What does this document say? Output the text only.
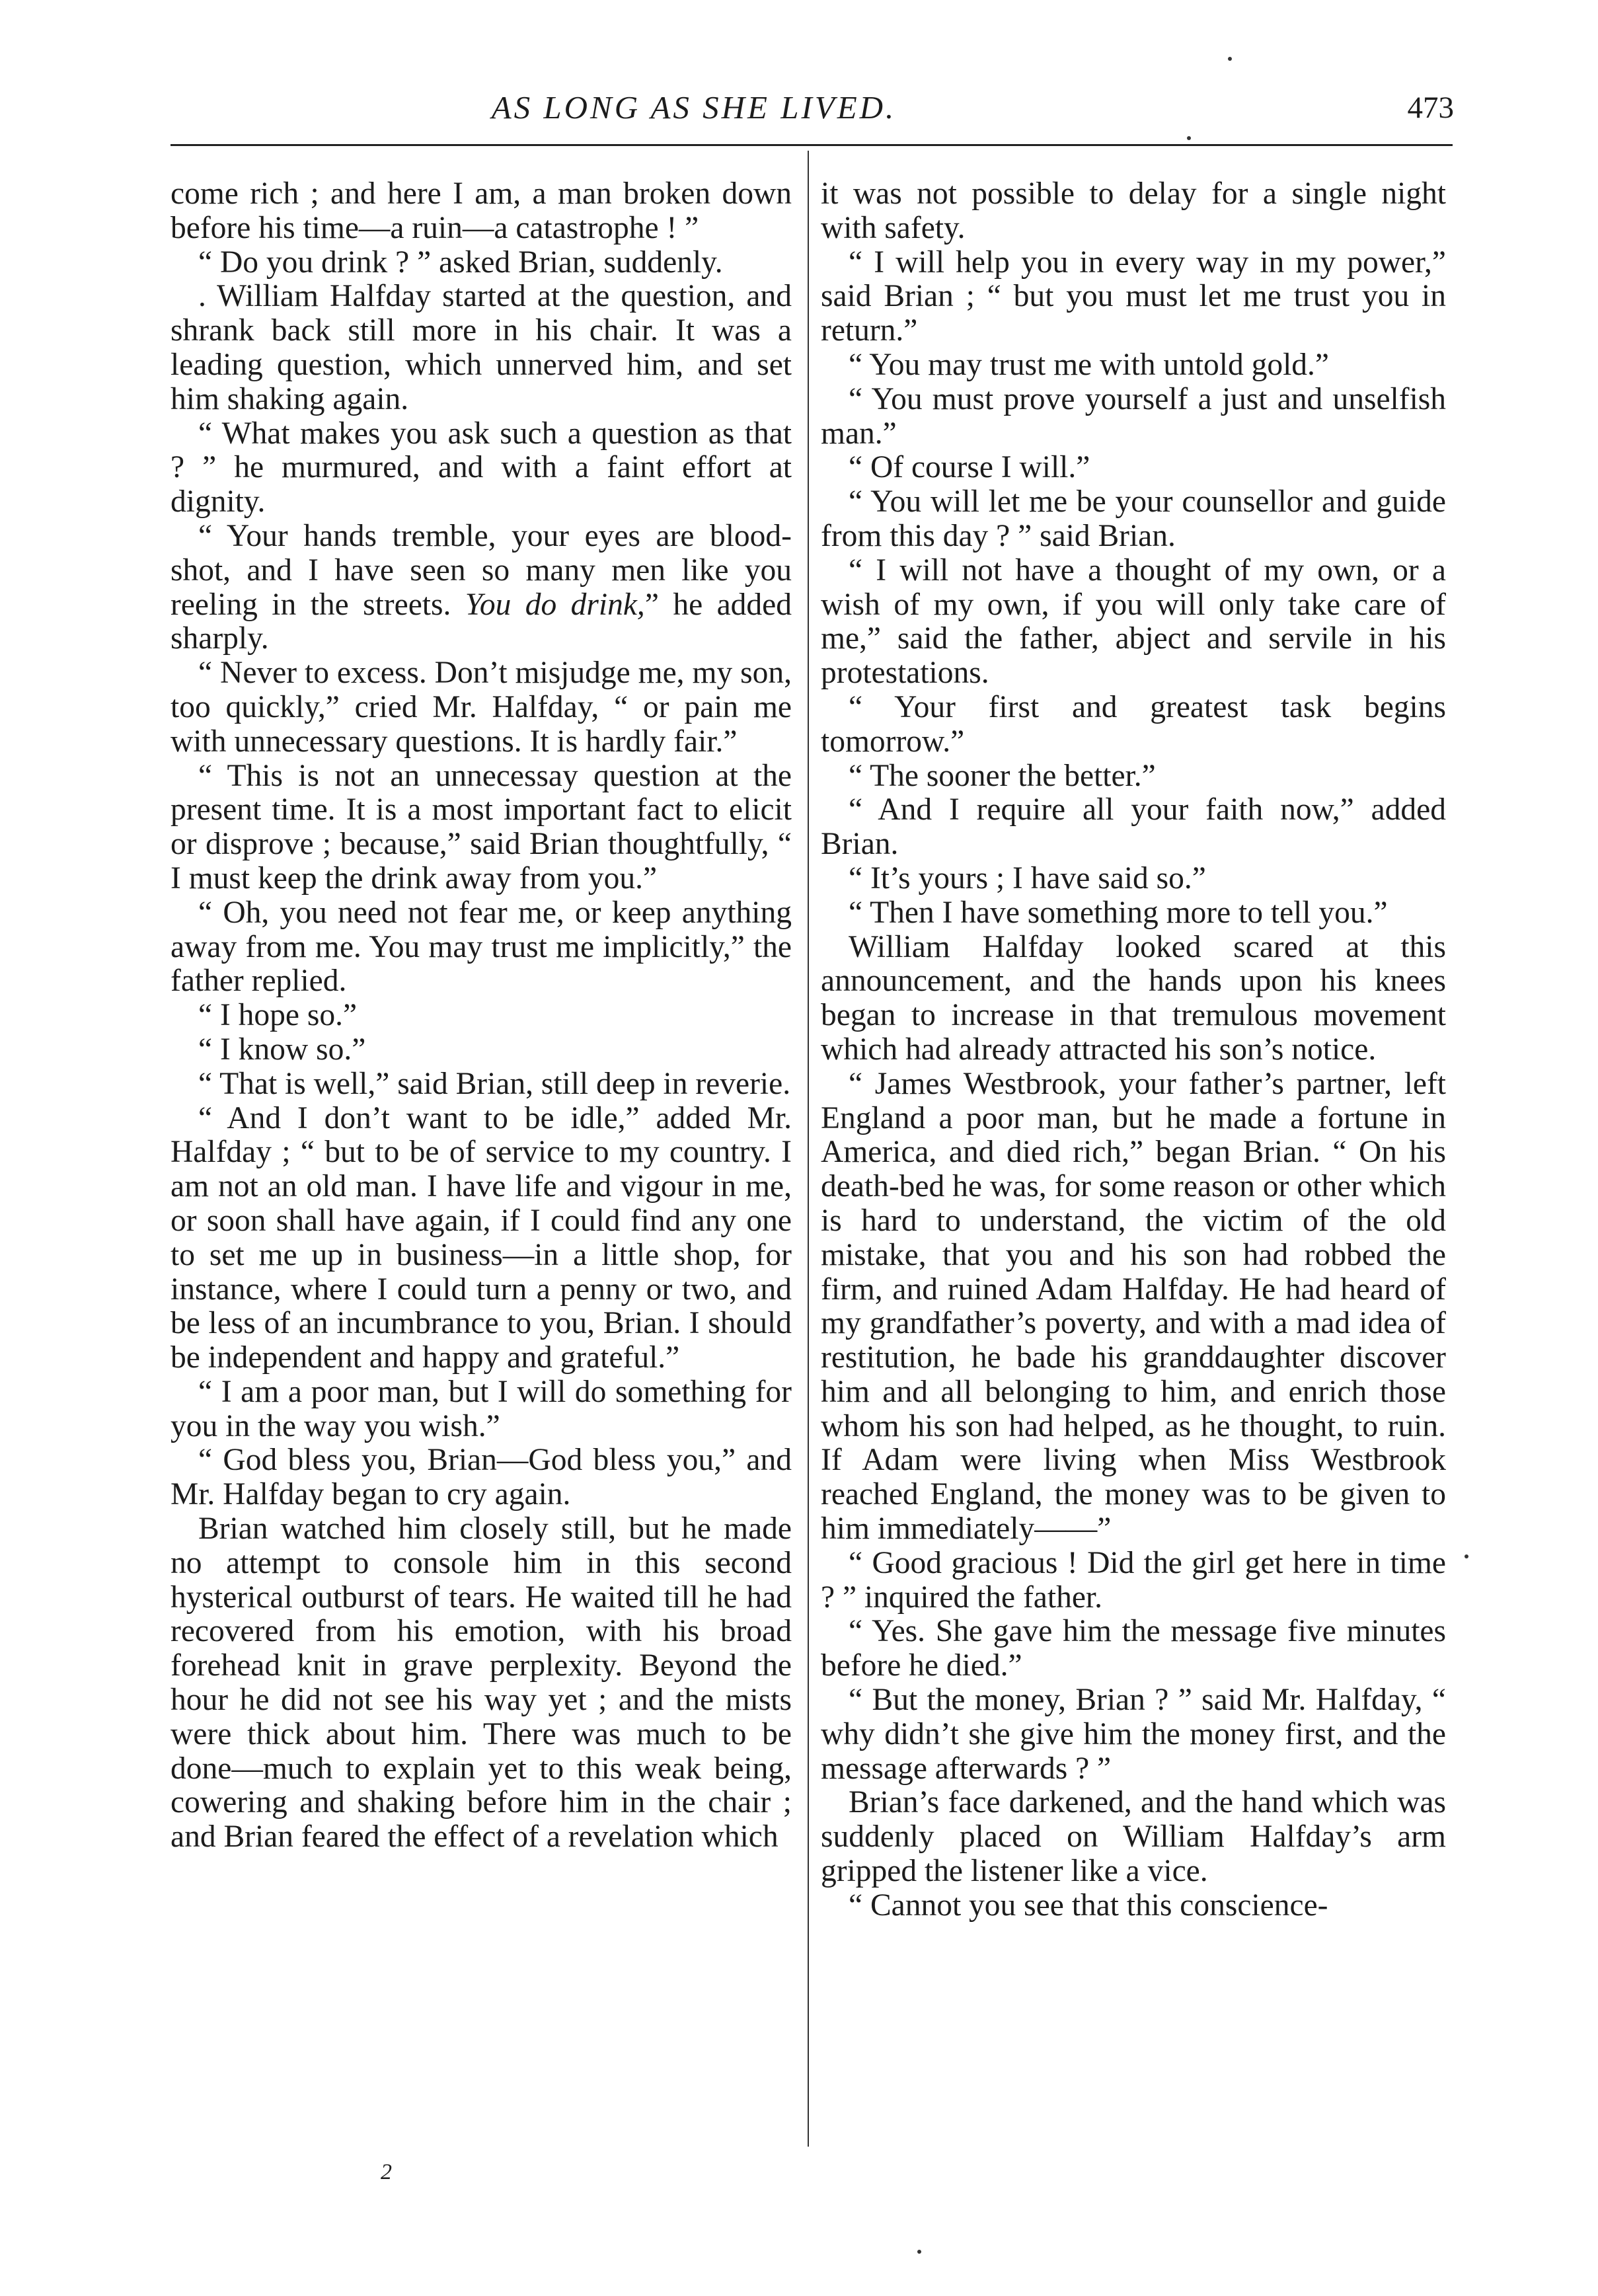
AS LONG AS SHE LIVED.	473

come rich ; and here I am, a man broken down before his time—a ruin—a catastrophe ! ”

“ Do you drink ? ” asked Brian, suddenly.

. William Halfday started at the question, and shrank back still more in his chair. It was a leading question, which unnerved him, and set him shaking again.

“ What makes you ask such a question as that ? ” he murmured, and with a faint effort at dignity.

“ Your hands tremble, your eyes are blood-shot, and I have seen so many men like you reeling in the streets. You do drink,” he added sharply.

“ Never to excess. Don’t misjudge me, my son, too quickly,” cried Mr. Halfday, “ or pain me with unnecessary questions. It is hardly fair.”

“ This is not an unnecessay question at the present time. It is a most important fact to elicit or disprove ; because,” said Brian thoughtfully, “ I must keep the drink away from you.”

“ Oh, you need not fear me, or keep anything away from me. You may trust me implicitly,” the father replied.

“ I hope so.”

“ I know so.”

“ That is well,” said Brian, still deep in reverie.

“ And I don’t want to be idle,” added Mr. Halfday ; “ but to be of service to my country. I am not an old man. I have life and vigour in me, or soon shall have again, if I could find any one to set me up in business—in a little shop, for instance, where I could turn a penny or two, and be less of an incumbrance to you, Brian. I should be independent and happy and grateful.”

“ I am a poor man, but I will do something for you in the way you wish.”

“ God bless you, Brian—God bless you,” and Mr. Halfday began to cry again.

Brian watched him closely still, but he made no attempt to console him in this second hysterical outburst of tears. He waited till he had recovered from his emotion, with his broad forehead knit in grave perplexity. Beyond the hour he did not see his way yet ; and the mists were thick about him. There was much to be done—much to explain yet to this weak being, cowering and shaking before him in the chair ; and Brian feared the effect of a revelation which

it was not possible to delay for a single night with safety.

“ I will help you in every way in my power,” said Brian ; “ but you must let me trust you in return.”

“ You may trust me with untold gold.”

“ You must prove yourself a just and unselfish man.”

“ Of course I will.”

“ You will let me be your counsellor and guide from this day ? ” said Brian.

“ I will not have a thought of my own, or a wish of my own, if you will only take care of me,” said the father, abject and servile in his protestations.

“ Your first and greatest task begins tomorrow.”

“ The sooner the better.”

“ And I require all your faith now,” added Brian.

“ It’s yours ; I have said so.”

“ Then I have something more to tell you.”

William Halfday looked scared at this announcement, and the hands upon his knees began to increase in that tremulous movement which had already attracted his son’s notice.

“ James Westbrook, your father’s partner, left England a poor man, but he made a fortune in America, and died rich,” began Brian. “ On his death-bed he was, for some reason or other which is hard to understand, the victim of the old mistake, that you and his son had robbed the firm, and ruined Adam Halfday. He had heard of my grandfather’s poverty, and with a mad idea of restitution, he bade his granddaughter discover him and all belonging to him, and enrich those whom his son had helped, as he thought, to ruin. If Adam were living when Miss Westbrook reached England, the money was to be given to him immediately——”

“ Good gracious ! Did the girl get here in time ? ” inquired the father.

“ Yes. She gave him the message five minutes before he died.”

“ But the money, Brian ? ” said Mr. Halfday, “ why didn’t she give him the money first, and the message afterwards ? ”

Brian’s face darkened, and the hand which was suddenly placed on William Halfday’s arm gripped the listener like a vice.

“ Cannot you see that this conscience-

2
